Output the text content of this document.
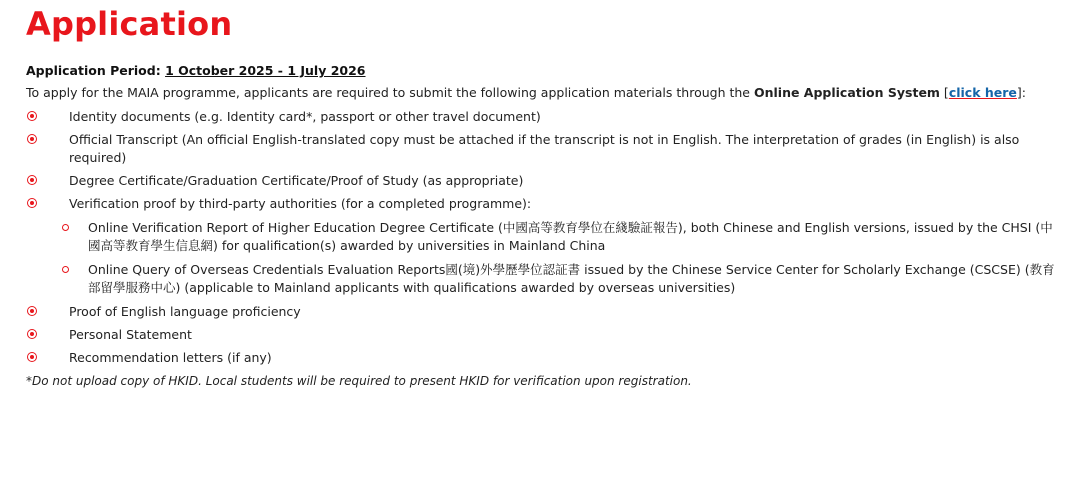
Application
Application Period: 1 October 2025 - 1 July 2026
To apply for the MAIA programme, applicants are required to submit the following application materials through the Online Application System [click here]:
Identity documents (e.g. Identity card*, passport or other travel document)
Official Transcript (An official English-translated copy must be attached if the transcript is not in English. The interpretation of grades (in English) is also required)
Degree Certificate/Graduation Certificate/Proof of Study (as appropriate)
Verification proof by third-party authorities (for a completed programme):
Online Verification Report of Higher Education Degree Certificate (中國高等教育學位在綫驗証報告), both Chinese and English versions, issued by the CHSI (中國高等教育學生信息網) for qualification(s) awarded by universities in Mainland China
Online Query of Overseas Credentials Evaluation Reports國(境)外學歷學位認証書 issued by the Chinese Service Center for Scholarly Exchange (CSCSE) (教育部留學服務中心) (applicable to Mainland applicants with qualifications awarded by overseas universities)
Proof of English language proficiency
Personal Statement
Recommendation letters (if any)
*Do not upload copy of HKID. Local students will be required to present HKID for verification upon registration.
